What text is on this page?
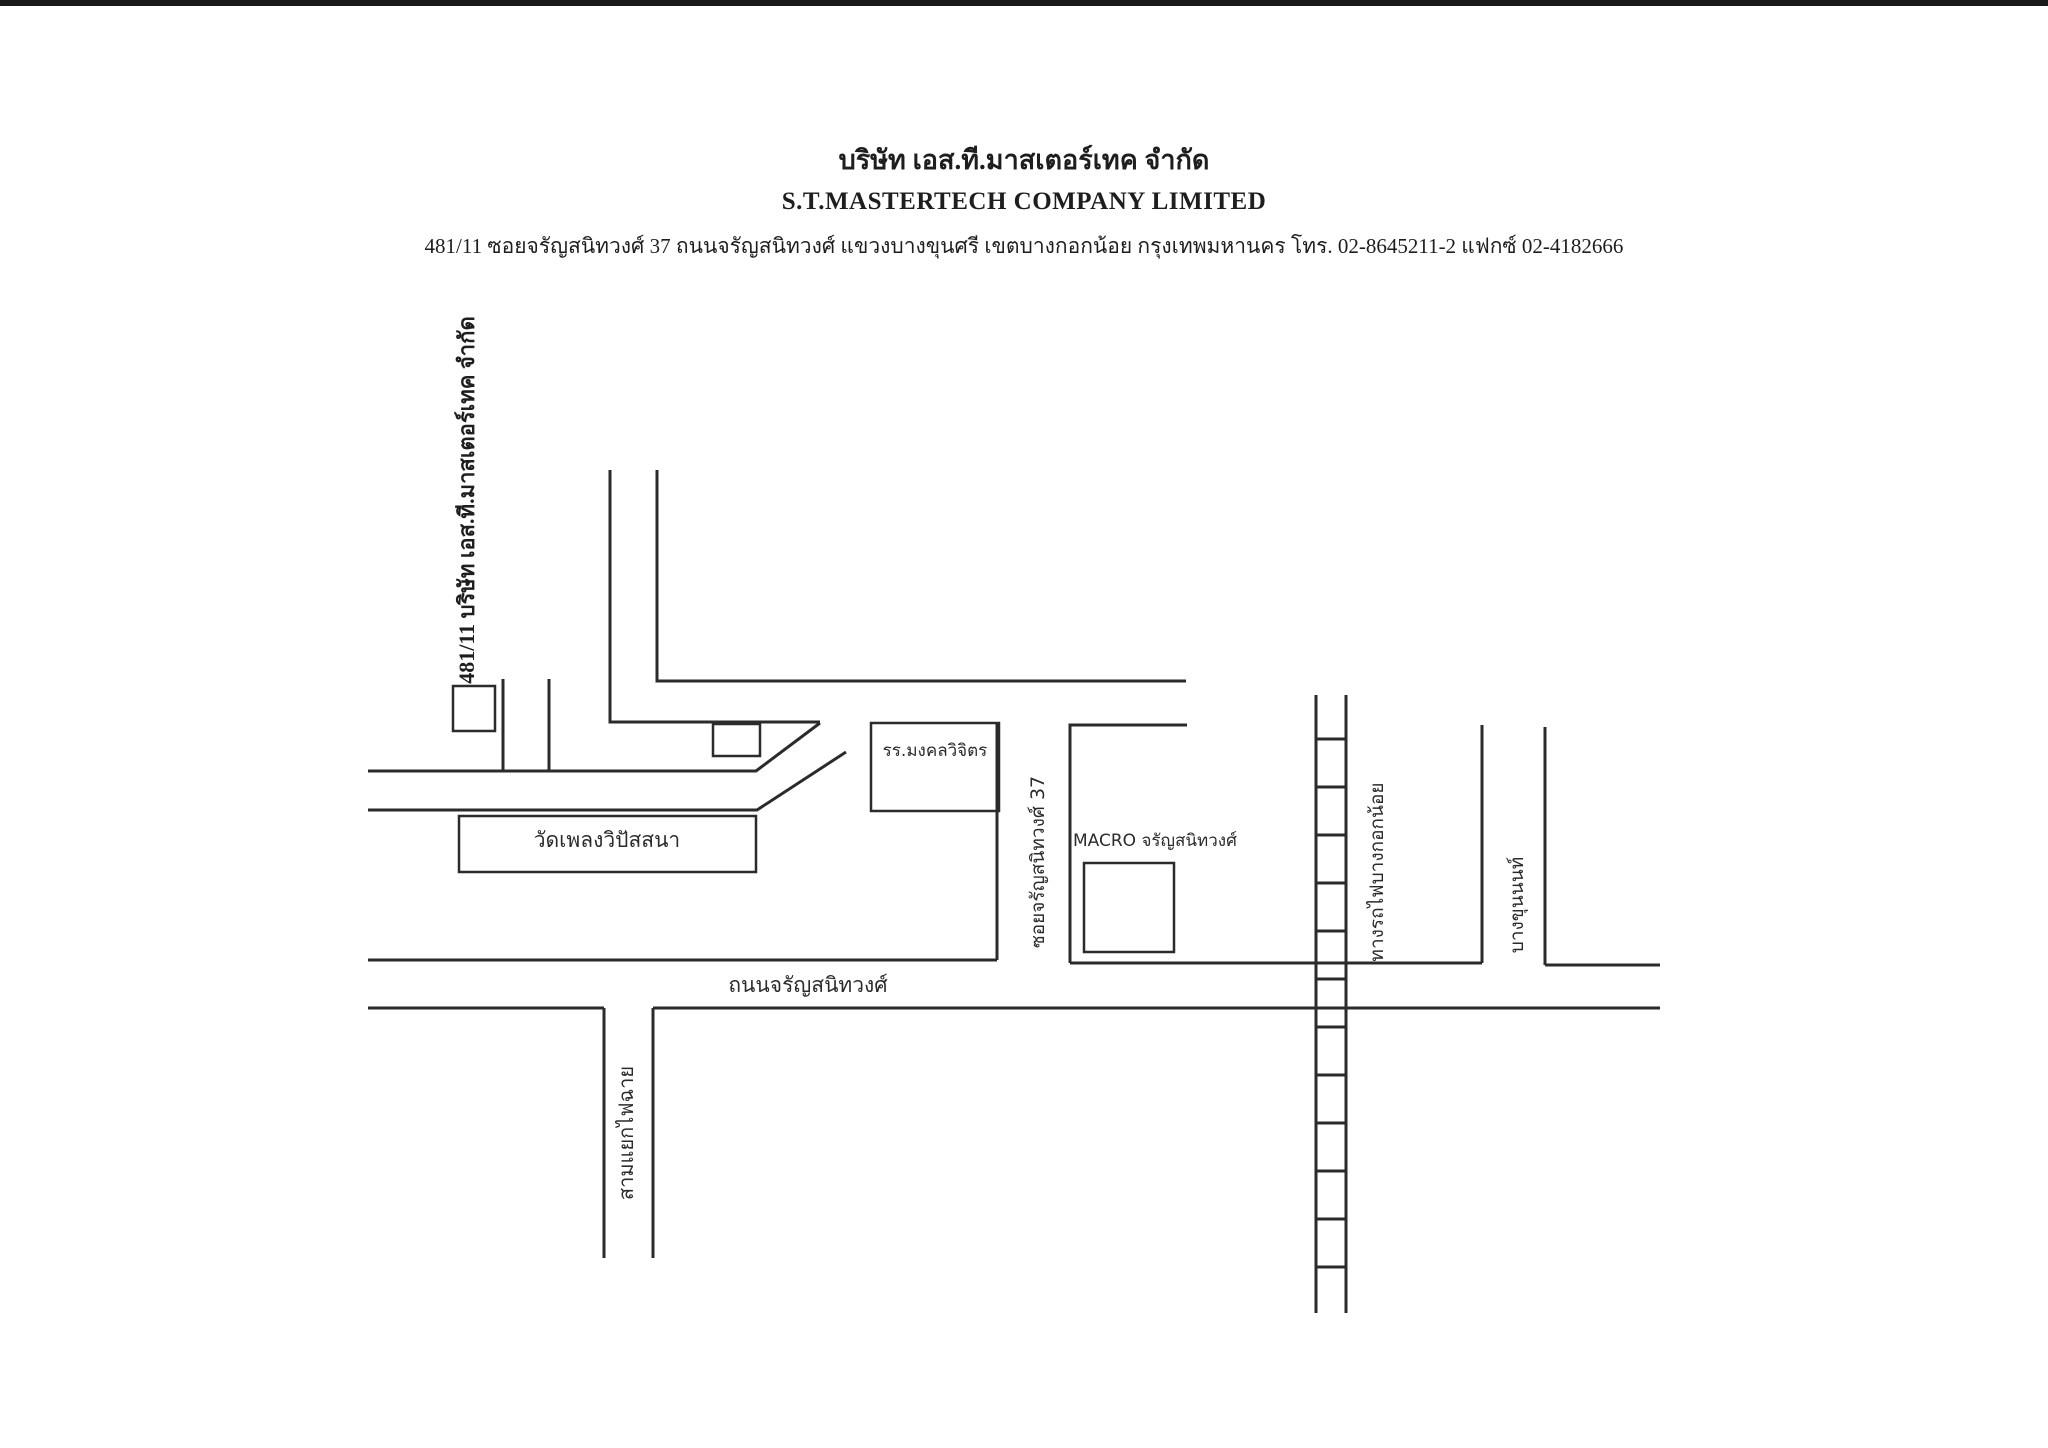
บริษัท เอส.ที.มาสเตอร์เทค จำกัด
S.T.MASTERTECH COMPANY LIMITED
481/11 ซอยจรัญสนิทวงศ์ 37 ถนนจรัญสนิทวงศ์ แขวงบางขุนศรี เขตบางกอกน้อย กรุงเทพมหานคร โทร. 02-8645211-2 แฟกซ์ 02-4182666
481/11 บริษัท เอส.ที.มาสเตอร์เทค จำกัด
วัดเพลงวิปัสสนา
รร.มงคลวิจิตร
ซอยจรัญสนิทวงศ์ 37 MACRO จรัญสนิทวงศ์	ทางรถไฟบางกอกน้อย	บางขุนนนท์
ถนนจรัญสนิทวงศ์
สามแยกไฟฉาย
